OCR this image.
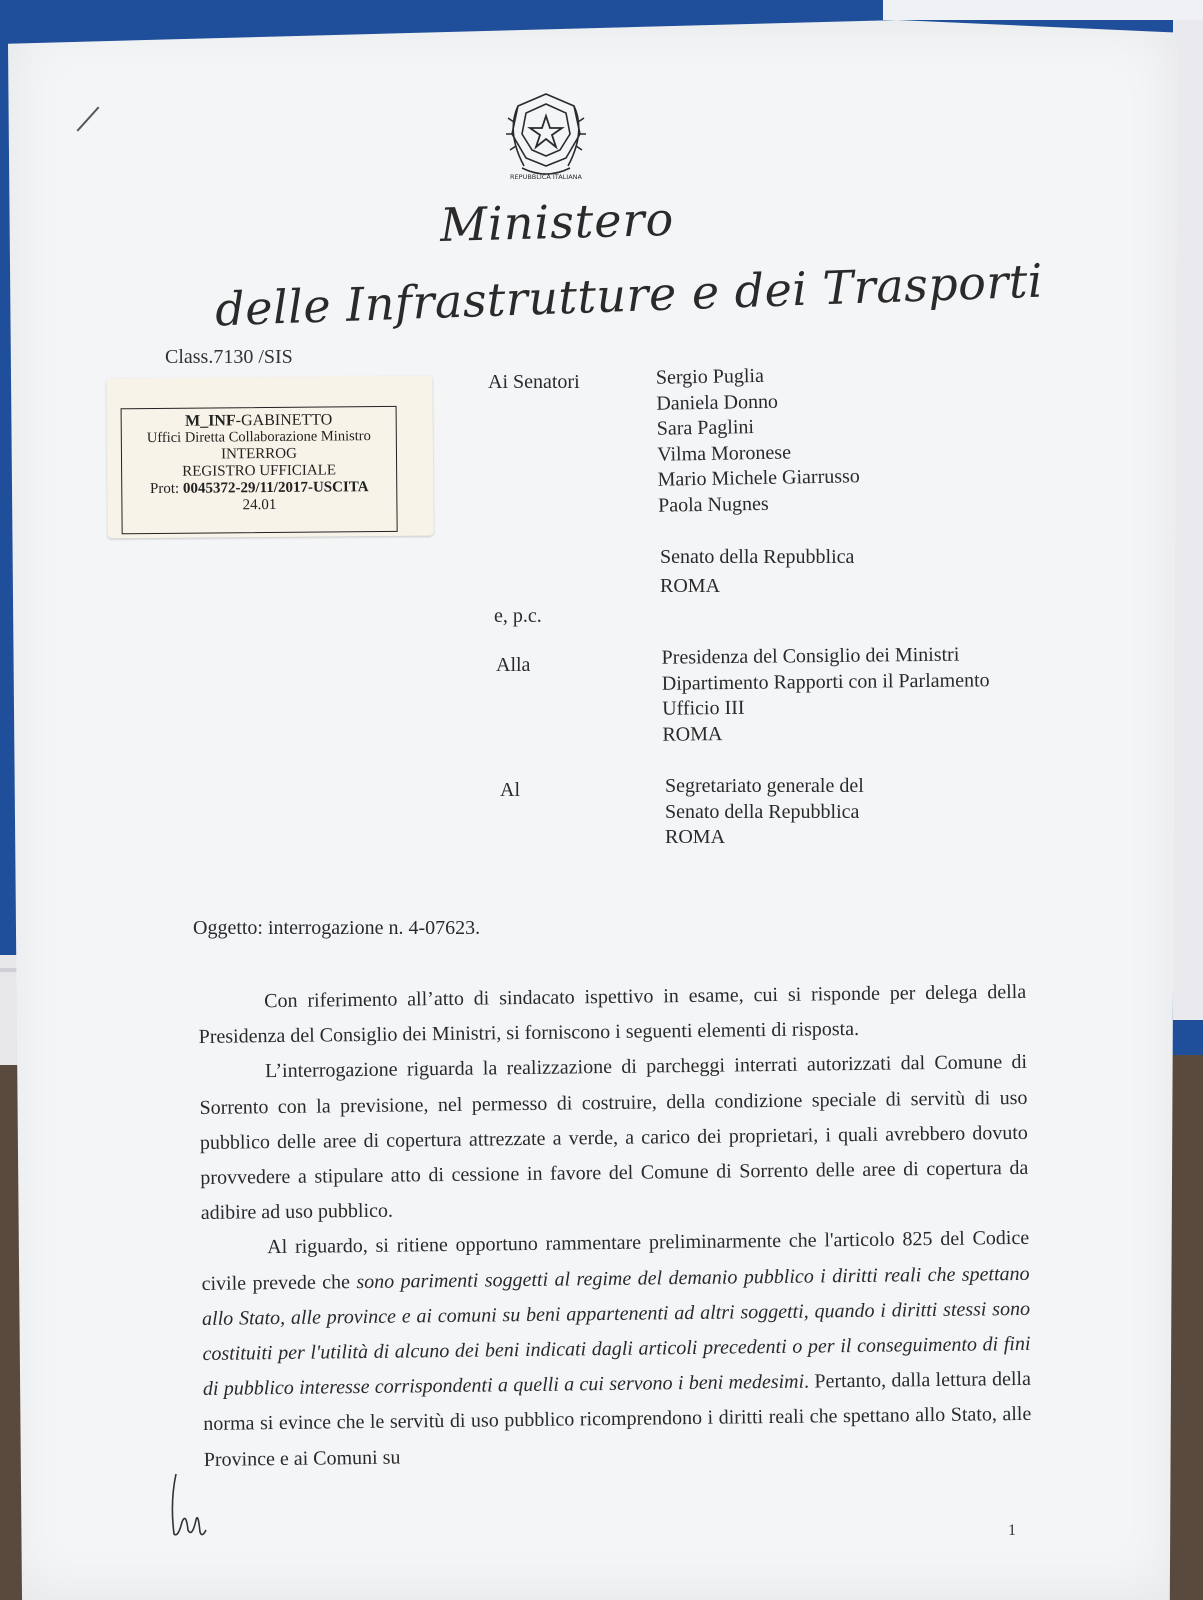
REPUBBLICA ITALIANA
Ministero
delle Infrastrutture e dei Trasporti
Class.7130 /SIS
M_INF-GABINETTO
Uffici Diretta Collaborazione Ministro
INTERROG
REGISTRO UFFICIALE
Prot: 0045372-29/11/2017-USCITA
24.01
Ai Senatori	Sergio Puglia
Daniela Donno
Sara Paglini
Vilma Moronese
Mario Michele Giarrusso
Paola Nugnes
Senato della Repubblica
ROMA
e, p.c.
Alla	Presidenza del Consiglio dei Ministri
Dipartimento Rapporti con il Parlamento
Ufficio III
ROMA
Al	Segretariato generale del
Senato della Repubblica
ROMA
Oggetto: interrogazione n. 4-07623.

Con riferimento all’atto di sindacato ispettivo in esame, cui si risponde per delega della Presidenza del Consiglio dei Ministri, si forniscono i seguenti elementi di risposta.

L’interrogazione riguarda la realizzazione di parcheggi interrati autorizzati dal Comune di Sorrento con la previsione, nel permesso di costruire, della condizione speciale di servitù di uso pubblico delle aree di copertura attrezzate a verde, a carico dei proprietari, i quali avrebbero dovuto provvedere a stipulare atto di cessione in favore del Comune di Sorrento delle aree di copertura da adibire ad uso pubblico.

Al riguardo, si ritiene opportuno rammentare preliminarmente che l'articolo 825 del Codice civile prevede che sono parimenti soggetti al regime del demanio pubblico i diritti reali che spettano allo Stato, alle province e ai comuni su beni appartenenti ad altri soggetti, quando i diritti stessi sono costituiti per l'utilità di alcuno dei beni indicati dagli articoli precedenti o per il conseguimento di fini di pubblico interesse corrispondenti a quelli a cui servono i beni medesimi. Pertanto, dalla lettura della norma si evince che le servitù di uso pubblico ricomprendono i diritti reali che spettano allo Stato, alle Province e ai Comuni su

1
